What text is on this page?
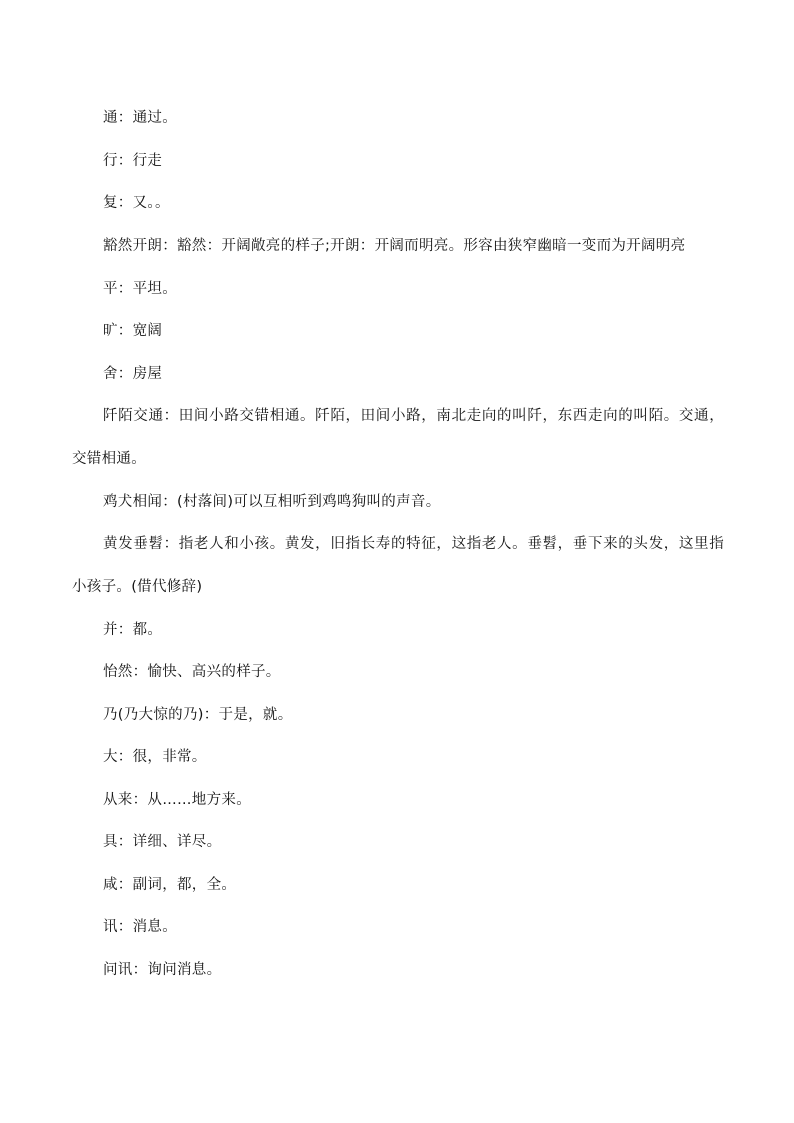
通：通过。

行：行走

复：又。。

豁然开朗：豁然：开阔敞亮的样子;开朗：开阔而明亮。形容由狭窄幽暗一变而为开阔明亮

平：平坦。

旷：宽阔

舍：房屋

阡陌交通：田间小路交错相通。阡陌，田间小路，南北走向的叫阡，东西走向的叫陌。交通，交错相通。

鸡犬相闻：(村落间)可以互相听到鸡鸣狗叫的声音。

黄发垂髫：指老人和小孩。黄发，旧指长寿的特征，这指老人。垂髫，垂下来的头发，这里指小孩子。(借代修辞)

并：都。

怡然：愉快、高兴的样子。

乃(乃大惊的乃)：于是，就。

大：很，非常。

从来：从……地方来。

具：详细、详尽。

咸：副词，都，全。

讯：消息。

问讯：询问消息。
